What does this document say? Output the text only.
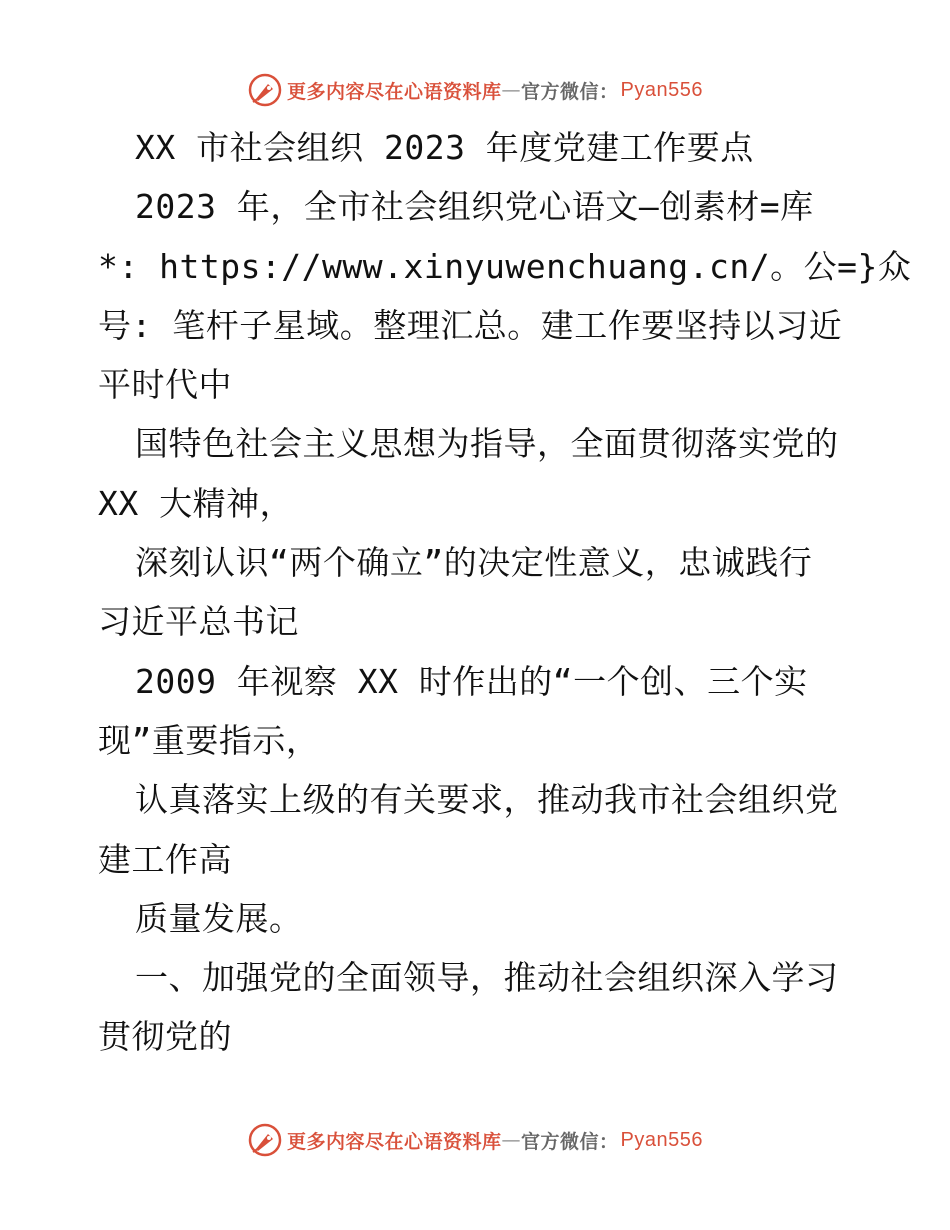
更多内容尽在心语资料库 — 官方微信： Pyan556
XX 市社会组织 2023 年度党建工作要点
2023 年，全市社会组织党心语文—创素材=库
*: https://www.xinyuwenchuang.cn/。公=}众
号: 笔杆子星域。整理汇总。建工作要坚持以习近
平时代中
国特色社会主义思想为指导，全面贯彻落实党的
XX 大精神，
深刻认识“两个确立”的决定性意义，忠诚践行
习近平总书记
2009 年视察 XX 时作出的“一个创、三个实
现”重要指示，
认真落实上级的有关要求，推动我市社会组织党
建工作高
质量发展。
一、加强党的全面领导，推动社会组织深入学习
贯彻党的
更多内容尽在心语资料库 — 官方微信： Pyan556
